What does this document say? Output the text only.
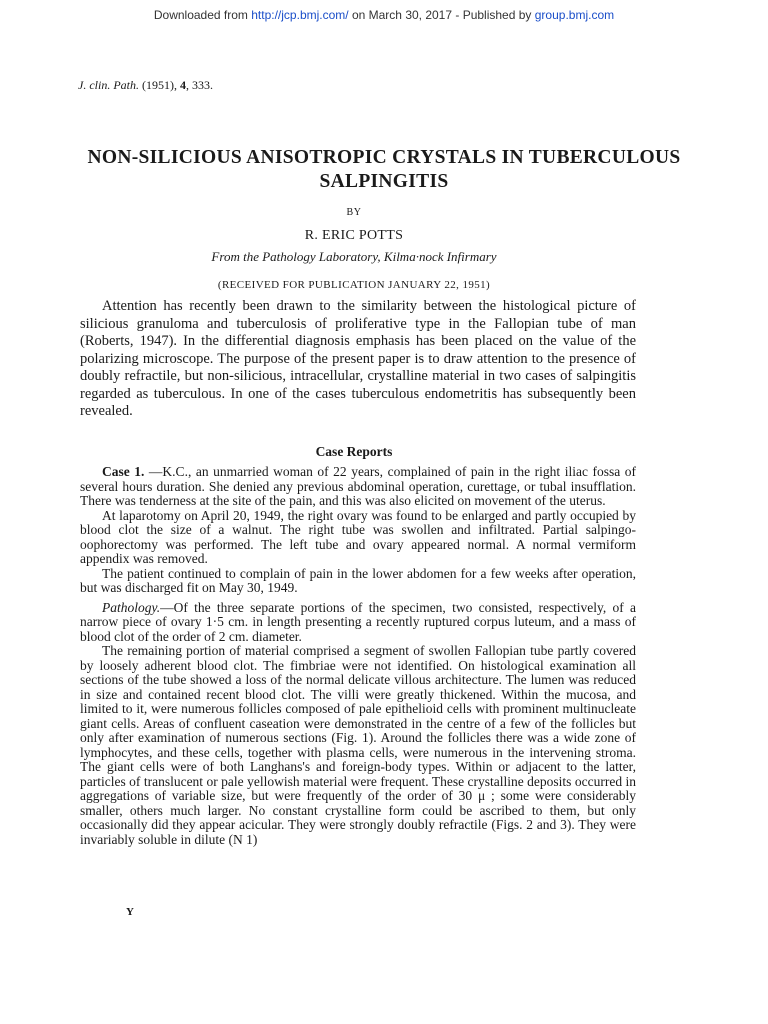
Downloaded from http://jcp.bmj.com/ on March 30, 2017 - Published by group.bmj.com
J. clin. Path. (1951), 4, 333.
NON-SILICIOUS ANISOTROPIC CRYSTALS IN TUBERCULOUS SALPINGITIS
BY
R. ERIC POTTS
From the Pathology Laboratory, Kilma·nock Infirmary
(RECEIVED FOR PUBLICATION JANUARY 22, 1951)

Attention has recently been drawn to the similarity between the histological picture of silicious granuloma and tuberculosis of proliferative type in the Fallopian tube of man (Roberts, 1947). In the differential diagnosis emphasis has been placed on the value of the polarizing microscope. The purpose of the present paper is to draw attention to the presence of doubly refractile, but non-silicious, intracellular, crystalline material in two cases of salpingitis regarded as tuberculous. In one of the cases tuberculous endometritis has subsequently been revealed.

Case Reports

Case 1. —K.C., an unmarried woman of 22 years, complained of pain in the right iliac fossa of several hours duration. She denied any previous abdominal operation, curettage, or tubal insufflation. There was tenderness at the site of the pain, and this was also elicited on movement of the uterus.

At laparotomy on April 20, 1949, the right ovary was found to be enlarged and partly occupied by blood clot the size of a walnut. The right tube was swollen and infiltrated. Partial salpingo-oophorectomy was performed. The left tube and ovary appeared normal. A normal vermiform appendix was removed.

The patient continued to complain of pain in the lower abdomen for a few weeks after operation, but was discharged fit on May 30, 1949.

Pathology.—Of the three separate portions of the specimen, two consisted, respectively, of a narrow piece of ovary 1·5 cm. in length presenting a recently ruptured corpus luteum, and a mass of blood clot of the order of 2 cm. diameter.

The remaining portion of material comprised a segment of swollen Fallopian tube partly covered by loosely adherent blood clot. The fimbriae were not identified. On histological examination all sections of the tube showed a loss of the normal delicate villous architecture. The lumen was reduced in size and contained recent blood clot. The villi were greatly thickened. Within the mucosa, and limited to it, were numerous follicles composed of pale epithelioid cells with prominent multinucleate giant cells. Areas of confluent caseation were demonstrated in the centre of a few of the follicles but only after examination of numerous sections (Fig. 1). Around the follicles there was a wide zone of lymphocytes, and these cells, together with plasma cells, were numerous in the intervening stroma. The giant cells were of both Langhans's and foreign-body types. Within or adjacent to the latter, particles of translucent or pale yellowish material were frequent. These crystalline deposits occurred in aggregations of variable size, but were frequently of the order of 30 μ ; some were considerably smaller, others much larger. No constant crystalline form could be ascribed to them, but only occasionally did they appear acicular. They were strongly doubly refractile (Figs. 2 and 3). They were invariably soluble in dilute (N 1)

Y
